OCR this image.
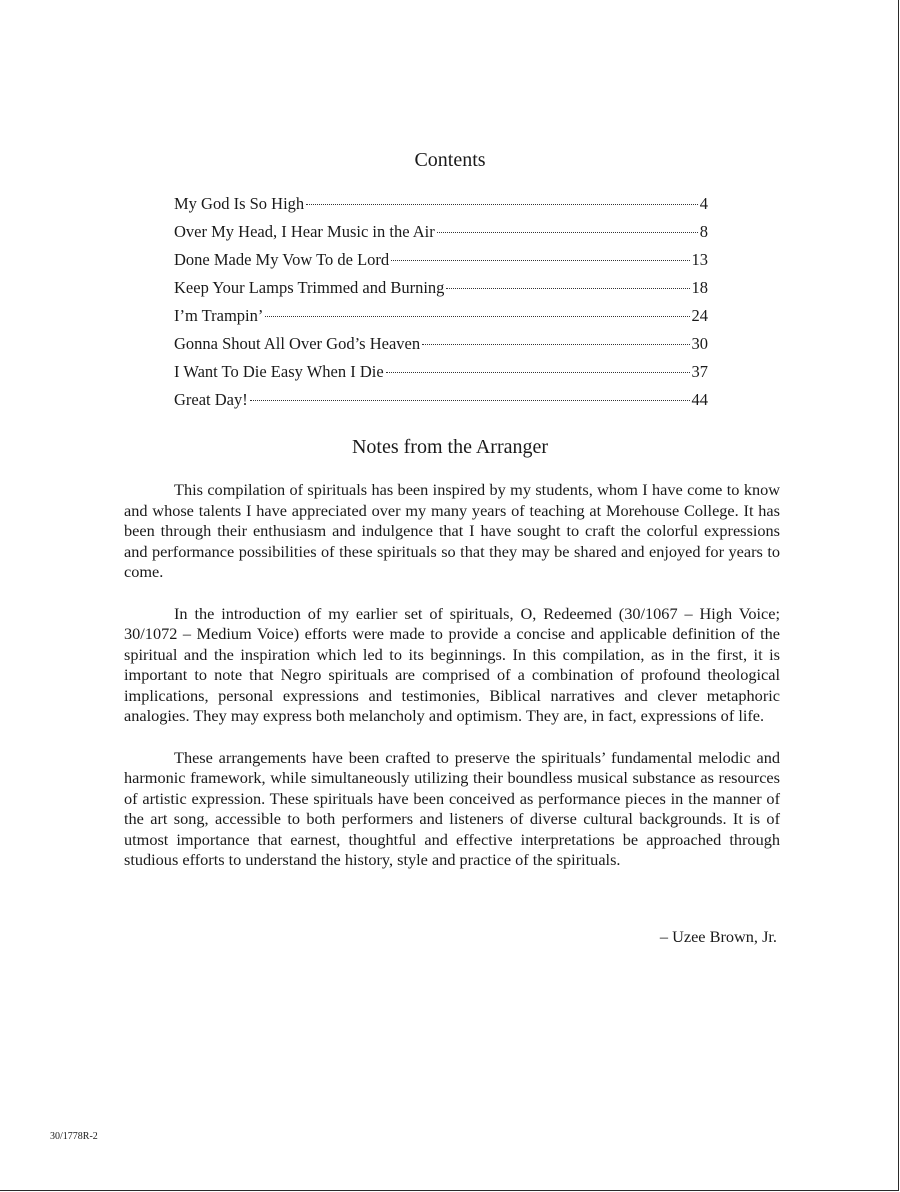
Contents
My God Is So High	4
Over My Head, I Hear Music in the Air	8
Done Made My Vow To de Lord	13
Keep Your Lamps Trimmed and Burning	18
I’m Trampin’	24
Gonna Shout All Over God’s Heaven	30
I Want To Die Easy When I Die	37
Great Day!	44
Notes from the Arranger

This compilation of spirituals has been inspired by my students, whom I have come to know and whose talents I have appreciated over my many years of teaching at Morehouse College. It has been through their enthusiasm and indulgence that I have sought to craft the colorful expressions and performance possibilities of these spirituals so that they may be shared and enjoyed for years to come.

In the introduction of my earlier set of spirituals, O, Redeemed (30/1067 – High Voice; 30/1072 – Medium Voice) efforts were made to provide a concise and applicable definition of the spiritual and the inspiration which led to its beginnings. In this compilation, as in the first, it is important to note that Negro spirituals are comprised of a combination of profound theological implications, personal expressions and testimonies, Biblical narratives and clever metaphoric analogies. They may express both melancholy and optimism. They are, in fact, expressions of life.

These arrangements have been crafted to preserve the spirituals’ fundamental melodic and harmonic framework, while simultaneously utilizing their boundless musical substance as resources of artistic expression. These spirituals have been conceived as performance pieces in the manner of the art song, accessible to both performers and listeners of diverse cultural backgrounds. It is of utmost importance that earnest, thoughtful and effective interpretations be approached through studious efforts to understand the history, style and practice of the spirituals.

– Uzee Brown, Jr.
30/1778R-2
